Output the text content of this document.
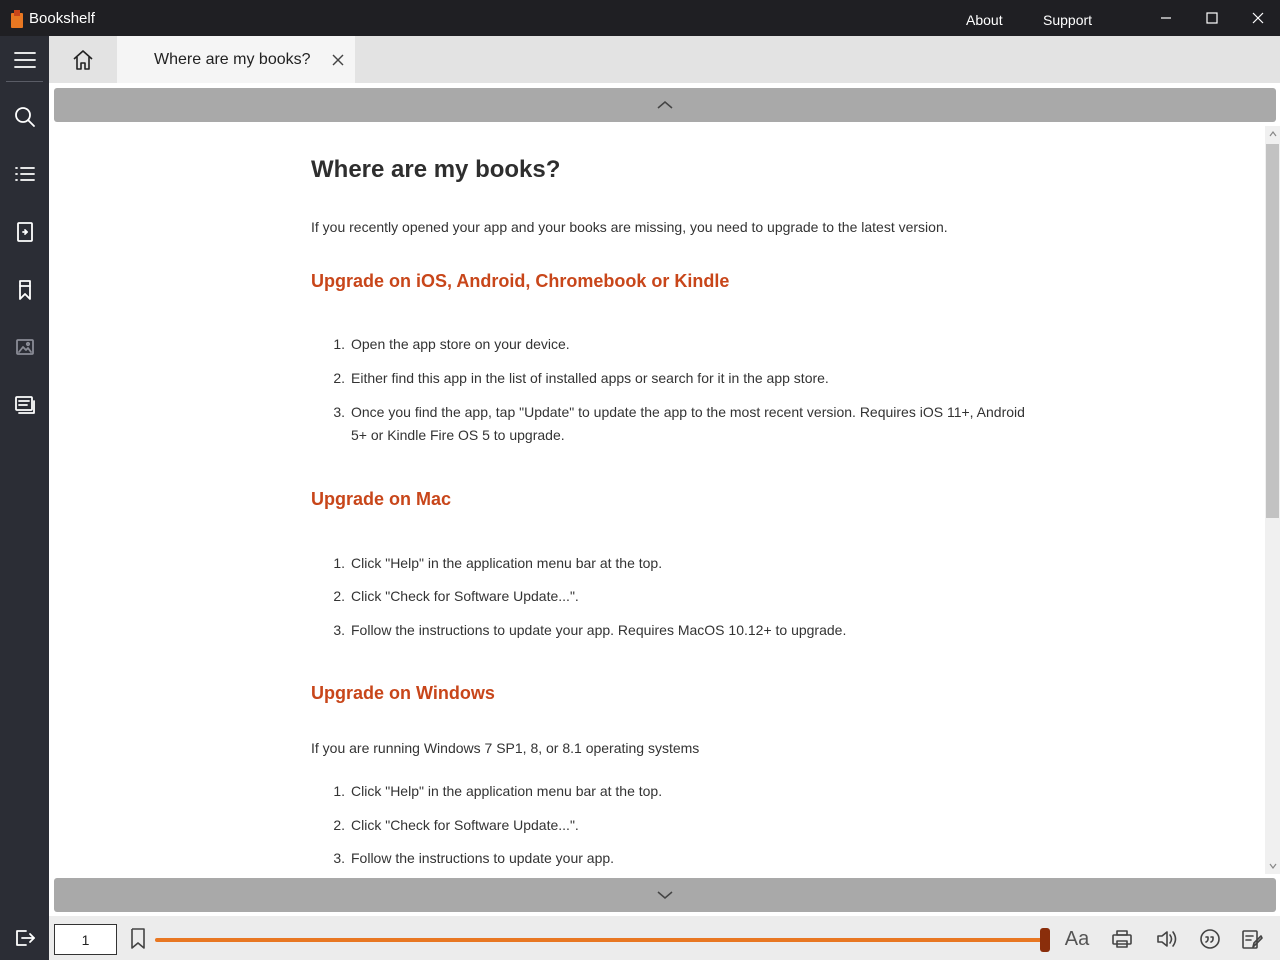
Bookshelf	About	Support
Where are my books?
Where are my books?
If you recently opened your app and your books are missing, you need to upgrade to the latest version.
Upgrade on iOS, Android, Chromebook or Kindle
1. Open the app store on your device.
2. Either find this app in the list of installed apps or search for it in the app store.
3. Once you find the app, tap "Update" to update the app to the most recent version. Requires iOS 11+, Android 5+ or Kindle Fire OS 5 to upgrade.
Upgrade on Mac
1. Click "Help" in the application menu bar at the top.
2. Click "Check for Software Update...".
3. Follow the instructions to update your app. Requires MacOS 10.12+ to upgrade.
Upgrade on Windows
If you are running Windows 7 SP1, 8, or 8.1 operating systems
1. Click "Help" in the application menu bar at the top.
2. Click "Check for Software Update...".
3. Follow the instructions to update your app.
1
Aa
